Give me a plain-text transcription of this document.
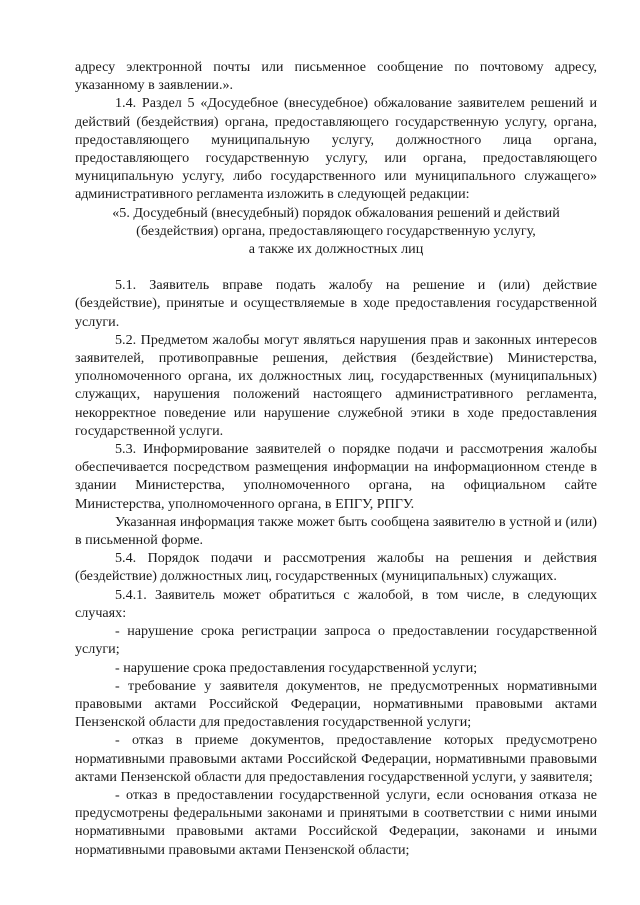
адресу электронной почты или письменное сообщение по почтовому адресу, указанному в заявлении.».

1.4. Раздел 5 «Досудебное (внесудебное) обжалование заявителем решений и действий (бездействия) органа, предоставляющего государственную услугу, органа, предоставляющего муниципальную услугу, должностного лица органа, предоставляющего государственную услугу, или органа, предоставляющего муниципальную услугу, либо государственного или муниципального служащего» административного регламента изложить в следующей редакции:

«5. Досудебный (внесудебный) порядок обжалования решений и действий

(бездействия) органа, предоставляющего государственную услугу,

а также их должностных лиц

5.1. Заявитель вправе подать жалобу на решение и (или) действие (бездействие), принятые и осуществляемые в ходе предоставления государственной услуги.

5.2. Предметом жалобы могут являться нарушения прав и законных интересов заявителей, противоправные решения, действия (бездействие) Министерства, уполномоченного органа, их должностных лиц, государственных (муниципальных) служащих, нарушения положений настоящего административного регламента, некорректное поведение или нарушение служебной этики в ходе предоставления государственной услуги.

5.3. Информирование заявителей о порядке подачи и рассмотрения жалобы обеспечивается посредством размещения информации на информационном стенде в здании Министерства, уполномоченного органа, на официальном сайте Министерства, уполномоченного органа, в ЕПГУ, РПГУ.

Указанная информация также может быть сообщена заявителю в устной и (или) в письменной форме.

5.4. Порядок подачи и рассмотрения жалобы на решения и действия (бездействие) должностных лиц, государственных (муниципальных) служащих.

5.4.1. Заявитель может обратиться с жалобой, в том числе, в следующих случаях:

- нарушение срока регистрации запроса о предоставлении государственной услуги;

- нарушение срока предоставления государственной услуги;

- требование у заявителя документов, не предусмотренных нормативными правовыми актами Российской Федерации, нормативными правовыми актами Пензенской области для предоставления государственной услуги;

- отказ в приеме документов, предоставление которых предусмотрено нормативными правовыми актами Российской Федерации, нормативными правовыми актами Пензенской области для предоставления государственной услуги, у заявителя;

- отказ в предоставлении государственной услуги, если основания отказа не предусмотрены федеральными законами и принятыми в соответствии с ними иными нормативными правовыми актами Российской Федерации, законами и иными нормативными правовыми актами Пензенской области;
